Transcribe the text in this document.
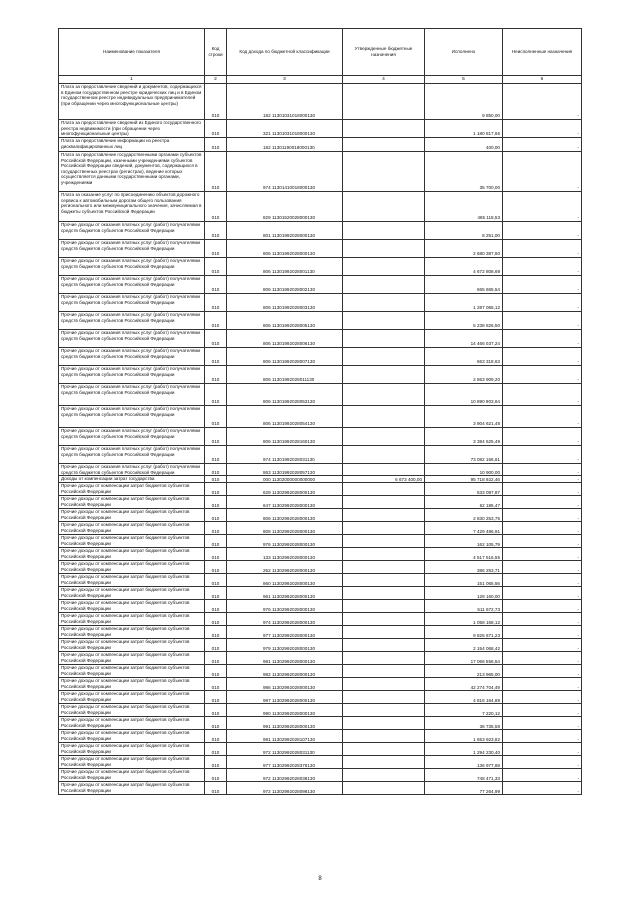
Наименование показателя	Код строки	Код дохода по бюджетной классификации	Утвержденные бюджетные назначения	Исполнено	Неисполненные назначения
1	2	3	4	5	6
Плата за предоставление сведений и документов, содержащихся в Едином государственном реестре юридических лиц и в Едином государственном реестре индивидуальных предпринимателей (при обращении через многофункциональные центры)	010	182 11301031018000130		9 850,00	-
Плата за предоставление сведений из Единого государственного реестра недвижимости (при обращении через многофункциональные центры)	010	321 11301031018000130		1 180 817,66	-
Плата за предоставление информации из реестра дисквалифицированных лиц	010	182 11301190018000130		400,00	-
Плата за предоставление государственными органами субъектов Российской Федерации, казенными учреждениями субъектов Российской Федерации сведений, документов, содержащихся в государственных реестрах (регистрах), ведение которых осуществляется данными государственными органами, учреждениями	010	974 11301410018000130		35 700,00	-
Плата за оказание услуг по присоединению объектов дорожного сервиса к автомобильным дорогам общего пользования регионального или межмуниципального значения, зачисляемая в бюджеты субъектов Российской Федерации	010	829 11301520028000130		465 118,53	-
Прочие доходы от оказания платных услуг (работ) получателями средств бюджетов субъектов Российской Федерации	010	801 11301992028000130		8 251,00	-
Прочие доходы от оказания платных услуг (работ) получателями средств бюджетов субъектов Российской Федерации	010	806 11301992028000130		2 680 387,60	-
Прочие доходы от оказания платных услуг (работ) получателями средств бюджетов субъектов Российской Федерации	010	806 11301992028001130		4 672 808,69	-
Прочие доходы от оказания платных услуг (работ) получателями средств бюджетов субъектов Российской Федерации	010	806 11301992028002130		665 665,54	-
Прочие доходы от оказания платных услуг (работ) получателями средств бюджетов субъектов Российской Федерации	010	806 11301992028003130		1 287 065,12	-
Прочие доходы от оказания платных услуг (работ) получателями средств бюджетов субъектов Российской Федерации	010	806 11301992028005130		5 238 826,50	-
Прочие доходы от оказания платных услуг (работ) получателями средств бюджетов субъектов Российской Федерации	010	806 11301992028006130		14 466 037,24	-
Прочие доходы от оказания платных услуг (работ) получателями средств бюджетов субъектов Российской Федерации	010	806 11301992028007130		663 318,63	-
Прочие доходы от оказания платных услуг (работ) получателями средств бюджетов субъектов Российской Федерации	010	806 11301992028011130		2 863 909,20	-
Прочие доходы от оказания платных услуг (работ) получателями средств бюджетов субъектов Российской Федерации	010	806 11301992028053130		10 890 903,64	-
Прочие доходы от оказания платных услуг (работ) получателями средств бюджетов субъектов Российской Федерации	010	806 11301992028054130		3 904 621,48	-
Прочие доходы от оказания платных услуг (работ) получателями средств бюджетов субъектов Российской Федерации	010	806 11301992028160130		3 384 625,49	-
Прочие доходы от оказания платных услуг (работ) получателями средств бюджетов субъектов Российской Федерации	010	974 11301992028031130		73 082 166,61	-
Прочие доходы от оказания платных услуг (работ) получателями средств бюджетов субъектов Российской Федерации	010	863 11301992028057130		10 900,00	-
Доходы от компенсации затрат государства	010	000 11302000000000000	6 673 400,00	95 718 922,46	-
Прочие доходы от компенсации затрат бюджетов субъектов Российской Федерации	010	629 11302992028000130		533 097,87	-
Прочие доходы от компенсации затрат бюджетов субъектов Российской Федерации	010	647 11302992028000130		62 185,47	-
Прочие доходы от компенсации затрат бюджетов субъектов Российской Федерации	010	806 11302992028000130		2 830 253,75	-
Прочие доходы от компенсации затрат бюджетов субъектов Российской Федерации	010	808 11302992028000130		7 429 486,91	-
Прочие доходы от компенсации затрат бюджетов субъектов Российской Федерации	010	976 11302992028000130		162 105,79	-
Прочие доходы от компенсации затрат бюджетов субъектов Российской Федерации	010	133 11302992028000130		4 517 516,55	-
Прочие доходы от компенсации затрат бюджетов субъектов Российской Федерации	010	252 11302992028000130		386 253,71	-
Прочие доходы от компенсации затрат бюджетов субъектов Российской Федерации	010	860 11302992028000130		151 065,56	-
Прочие доходы от компенсации затрат бюджетов субъектов Российской Федерации	010	961 11302992028000130		128 160,00	-
Прочие доходы от компенсации затрат бюджетов субъектов Российской Федерации	010	976 11302992028000130		511 672,73	-
Прочие доходы от компенсации затрат бюджетов субъектов Российской Федерации	010	974 11302992028000130		1 058 168,12	-
Прочие доходы от компенсации затрат бюджетов субъектов Российской Федерации	010	977 11302992028000130		9 825 671,23	-
Прочие доходы от компенсации затрат бюджетов субъектов Российской Федерации	010	979 11302992028000130		2 154 068,42	-
Прочие доходы от компенсации затрат бюджетов субъектов Российской Федерации	010	981 11302992028000130		17 066 556,54	-
Прочие доходы от компенсации затрат бюджетов субъектов Российской Федерации	010	982 11302992028000130		213 965,00	-
Прочие доходы от компенсации затрат бюджетов субъектов Российской Федерации	010	986 11302992028000130		42 274 704,49	-
Прочие доходы от компенсации затрат бюджетов субъектов Российской Федерации	010	987 11302992028000130		4 816 164,88	-
Прочие доходы от компенсации затрат бюджетов субъектов Российской Федерации	010	990 11302992028000130		7 220,12	-
Прочие доходы от компенсации затрат бюджетов субъектов Российской Федерации	010	991 11302992028000130		36 735,58	-
Прочие доходы от компенсации затрат бюджетов субъектов Российской Федерации	010	981 11302992028107130		1 653 923,82	-
Прочие доходы от компенсации затрат бюджетов субъектов Российской Федерации	010	972 11302992028031130		1 294 230,40	-
Прочие доходы от компенсации затрат бюджетов субъектов Российской Федерации	010	977 11302992028376130		136 977,69	-
Прочие доходы от компенсации затрат бюджетов субъектов Российской Федерации	010	972 11302992028038130		748 471,33	-
Прочие доходы от компенсации затрат бюджетов субъектов Российской Федерации	010	972 11302992028098130		77 264,99	-
8
